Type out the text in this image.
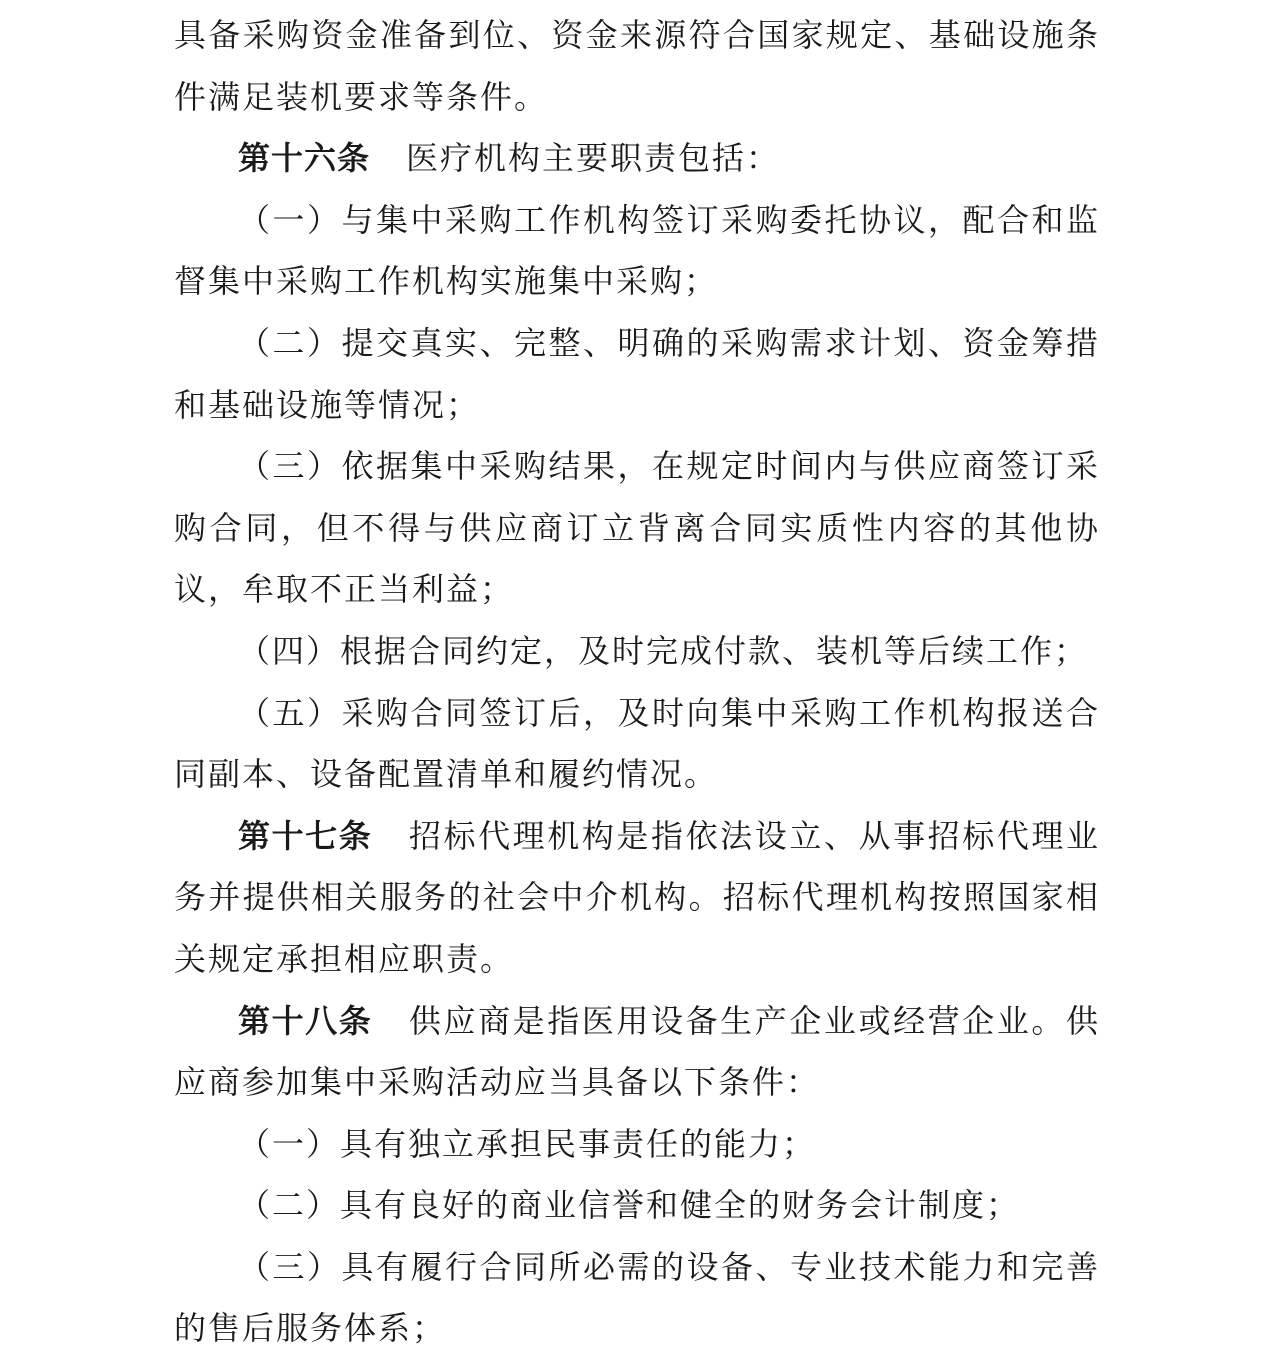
具备采购资金准备到位、资金来源符合国家规定、基础设施条件满足装机要求等条件。

第十六条 医疗机构主要职责包括：

（一）与集中采购工作机构签订采购委托协议，配合和监督集中采购工作机构实施集中采购；

（二）提交真实、完整、明确的采购需求计划、资金筹措和基础设施等情况；

（三）依据集中采购结果，在规定时间内与供应商签订采购合同，但不得与供应商订立背离合同实质性内容的其他协议，牟取不正当利益；

（四）根据合同约定，及时完成付款、装机等后续工作；

（五）采购合同签订后，及时向集中采购工作机构报送合同副本、设备配置清单和履约情况。

第十七条 招标代理机构是指依法设立、从事招标代理业务并提供相关服务的社会中介机构。招标代理机构按照国家相关规定承担相应职责。

第十八条 供应商是指医用设备生产企业或经营企业。供应商参加集中采购活动应当具备以下条件：

（一）具有独立承担民事责任的能力；

（二）具有良好的商业信誉和健全的财务会计制度；

（三）具有履行合同所必需的设备、专业技术能力和完善的售后服务体系；
